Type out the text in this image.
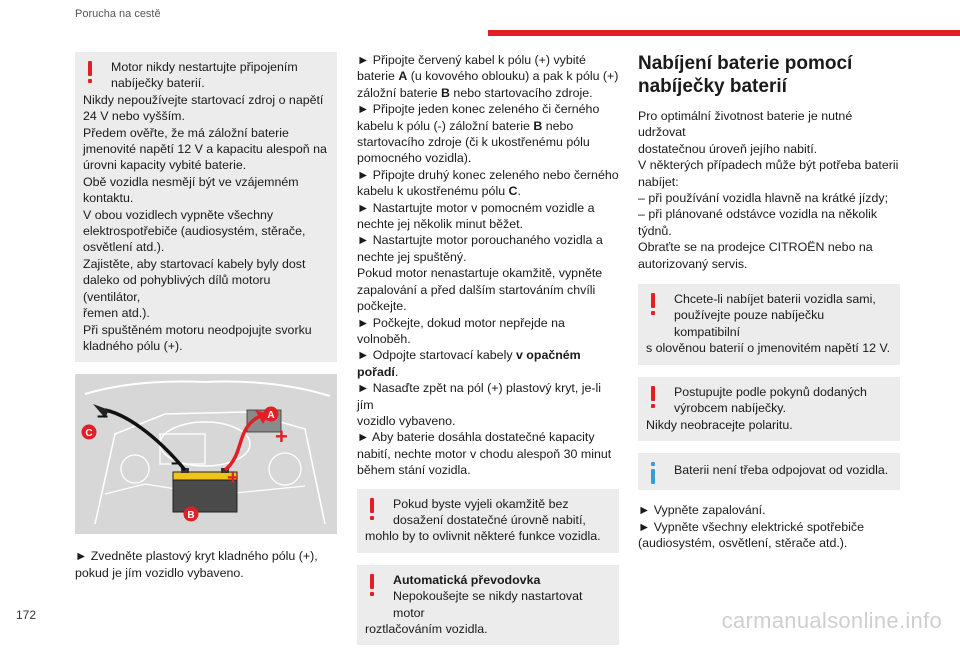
Porucha na cestě
Motor nikdy nestartujte připojením
nabíječky baterií.
Nikdy nepoužívejte startovací zdroj o napětí
24 V nebo vyšším.
Předem ověřte, že má záložní baterie
jmenovité napětí 12 V a kapacitu alespoň na
úrovni kapacity vybité baterie.
Obě vozidla nesmějí být ve vzájemném
kontaktu.
V obou vozidlech vypněte všechny
elektrospotřebiče (audiosystém, stěrače,
osvětlení atd.).
Zajistěte, aby startovací kabely byly dost
daleko od pohyblivých dílů motoru (ventilátor,
řemen atd.).
Při spuštěném motoru neodpojujte svorku
kladného pólu (+).
A
B
C	+
+
–
–
► Zvedněte plastový kryt kladného pólu (+),
pokud je jím vozidlo vybaveno.
► Připojte červený kabel k pólu (+) vybité
baterie A (u kovového oblouku) a pak k pólu (+)
záložní baterie B nebo startovacího zdroje.
► Připojte jeden konec zeleného či černého
kabelu k pólu (-) záložní baterie B nebo
startovacího zdroje (či k ukostřenému pólu
pomocného vozidla).
► Připojte druhý konec zeleného nebo černého
kabelu k ukostřenému pólu C.
► Nastartujte motor v pomocném vozidle a
nechte jej několik minut běžet.
► Nastartujte motor porouchaného vozidla a
nechte jej spuštěný.
Pokud motor nenastartuje okamžitě, vypněte
zapalování a před dalším startováním chvíli
počkejte.
► Počkejte, dokud motor nepřejde na volnoběh.
► Odpojte startovací kabely v opačném
pořadí.
► Nasaďte zpět na pól (+) plastový kryt, je-li jím
vozidlo vybaveno.
► Aby baterie dosáhla dostatečné kapacity
nabití, nechte motor v chodu alespoň 30 minut
během stání vozidla.
Pokud byste vyjeli okamžitě bez
dosažení dostatečné úrovně nabití,
mohlo by to ovlivnit některé funkce vozidla.
Automatická převodovka
Nepokoušejte se nikdy nastartovat motor
roztlačováním vozidla.
Nabíjení baterie pomocí
nabíječky baterií
Pro optimální životnost baterie je nutné udržovat
dostatečnou úroveň jejího nabití.
V některých případech může být potřeba baterii
nabíjet:
– při používání vozidla hlavně na krátké jízdy;
– při plánované odstávce vozidla na několik
týdnů.
Obraťte se na prodejce CITROËN nebo na
autorizovaný servis.
Chcete-li nabíjet baterii vozidla sami,
používejte pouze nabíječku kompatibilní
s olověnou baterií o jmenovitém napětí 12 V.
Postupujte podle pokynů dodaných
výrobcem nabíječky.
Nikdy neobracejte polaritu.
Baterii není třeba odpojovat od vozidla.
► Vypněte zapalování.
► Vypněte všechny elektrické spotřebiče
(audiosystém, osvětlení, stěrače atd.).
172	carmanualsonline.info
